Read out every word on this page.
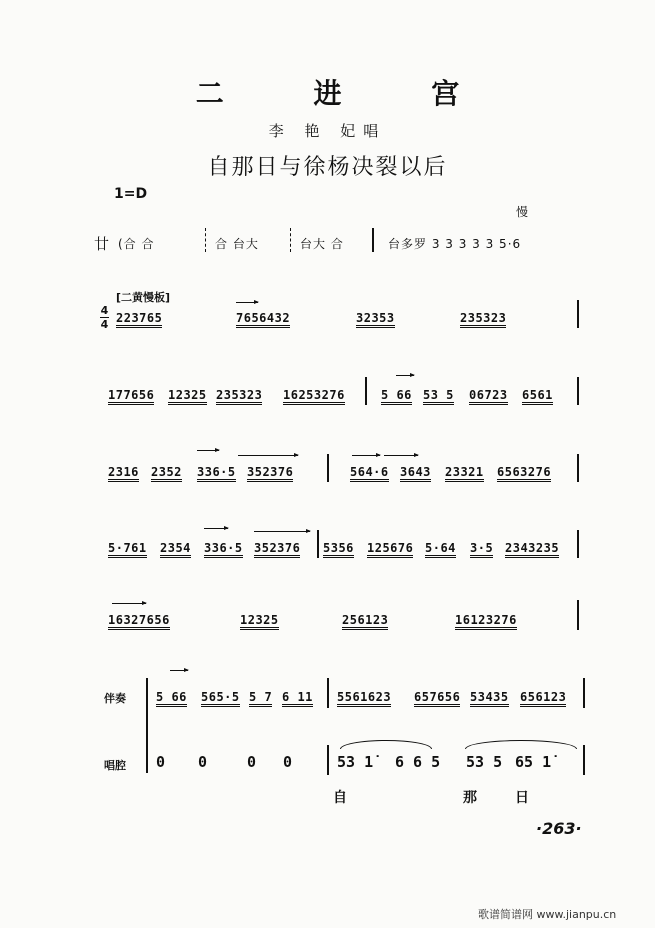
二 进 宫
李 艳 妃唱
自那日与徐杨决裂以后
1=D
慢
廿 (合 合	合 台大	台大 合	台多罗 3 3 3 3 3 5·6
[二黄慢板]
4
4 223765	7656432	32353	235323
177656 12325 235323 16253276	5 66 53 5 06723 6561
2316 2352 336·5 352376	564·6 3643 23321 6563276
5·761 2354 336·5 352376 5356 125676 5·64 3·5 2343235
16327656	12325	256123	16123276
伴奏	5 66 565·5 5 7 6 11 5561623 657656 53435 656123
唱腔 0 0	0 0	53 1̇ 6 6 5 53 5 65 1̇
自	那	日
·263·
歌谱简谱网 www.jianpu.cn
